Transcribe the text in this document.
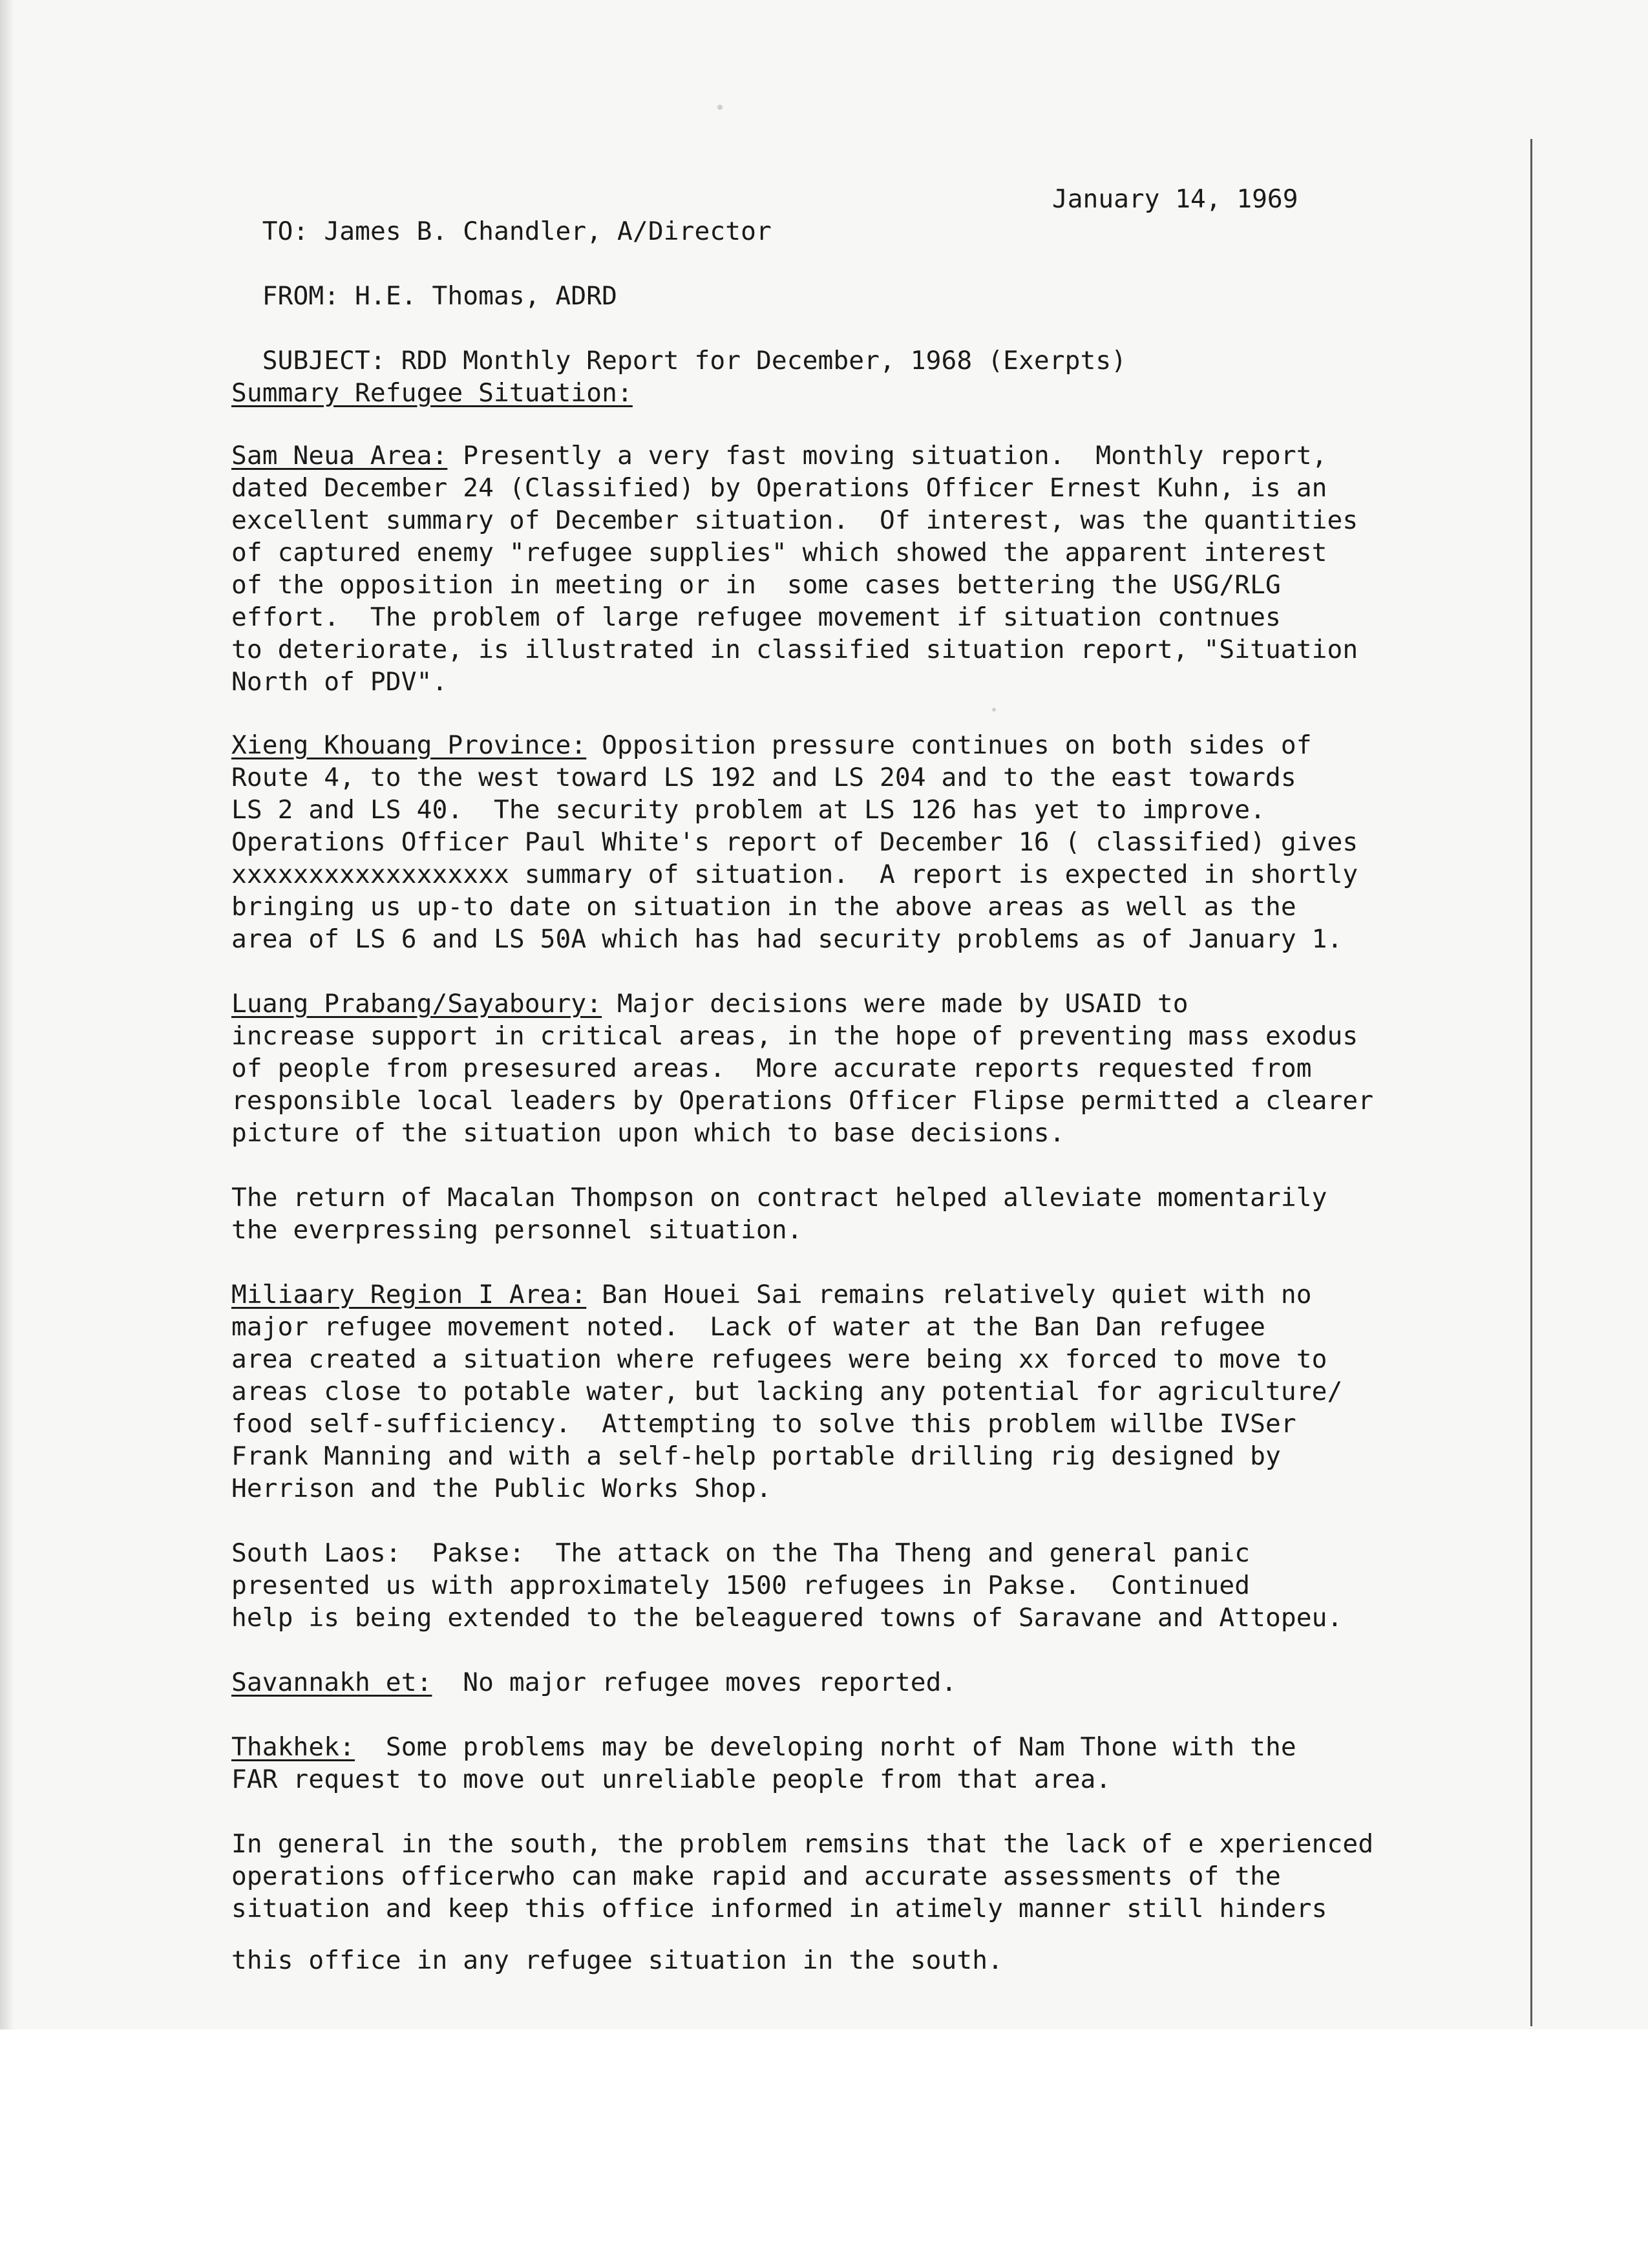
TO: James B. Chandler, A/Director

January 14, 1969

FROM: H.E. Thomas, ADRD

SUBJECT: RDD Monthly Report for December, 1968 (Exerpts)

Summary Refugee Situation:
Sam Neua Area: Presently a very fast moving situation.  Monthly report,
dated December 24 (Classified) by Operations Officer Ernest Kuhn, is an
excellent summary of December situation.  Of interest, was the quantities
of captured enemy "refugee supplies" which showed the apparent interest
of the opposition in meeting or in  some cases bettering the USG/RLG
effort.  The problem of large refugee movement if situation contnues
to deteriorate, is illustrated in classified situation report, "Situation
North of PDV".
Xieng Khouang Province: Opposition pressure continues on both sides of
Route 4, to the west toward LS 192 and LS 204 and to the east towards
LS 2 and LS 40.  The security problem at LS 126 has yet to improve.
Operations Officer Paul White's report of December 16 ( classified) gives
xxxxxxxxxxxxxxxxxx summary of situation.  A report is expected in shortly
bringing us up-to date on situation in the above areas as well as the
area of LS 6 and LS 50A which has had security problems as of January 1.
Luang Prabang/Sayaboury: Major decisions were made by USAID to
increase support in critical areas, in the hope of preventing mass exodus
of people from presesured areas.  More accurate reports requested from
responsible local leaders by Operations Officer Flipse permitted a clearer
picture of the situation upon which to base decisions.
The return of Macalan Thompson on contract helped alleviate momentarily
the everpressing personnel situation.
Miliaary Region I Area: Ban Houei Sai remains relatively quiet with no
major refugee movement noted.  Lack of water at the Ban Dan refugee
area created a situation where refugees were being xx forced to move to
areas close to potable water, but lacking any potential for agriculture/
food self-sufficiency.  Attempting to solve this problem willbe IVSer
Frank Manning and with a self-help portable drilling rig designed by
Herrison and the Public Works Shop.
South Laos:  Pakse:  The attack on the Tha Theng and general panic
presented us with approximately 1500 refugees in Pakse.  Continued
help is being extended to the beleaguered towns of Saravane and Attopeu.
Savannakh et:  No major refugee moves reported.
Thakhek:  Some problems may be developing norht of Nam Thone with the
FAR request to move out unreliable people from that area.
In general in the south, the problem remsins that the lack of e xperienced
operations officerwho can make rapid and accurate assessments of the
situation and keep this office informed in atimely manner still hinders
this office in any refugee situation in the south.
